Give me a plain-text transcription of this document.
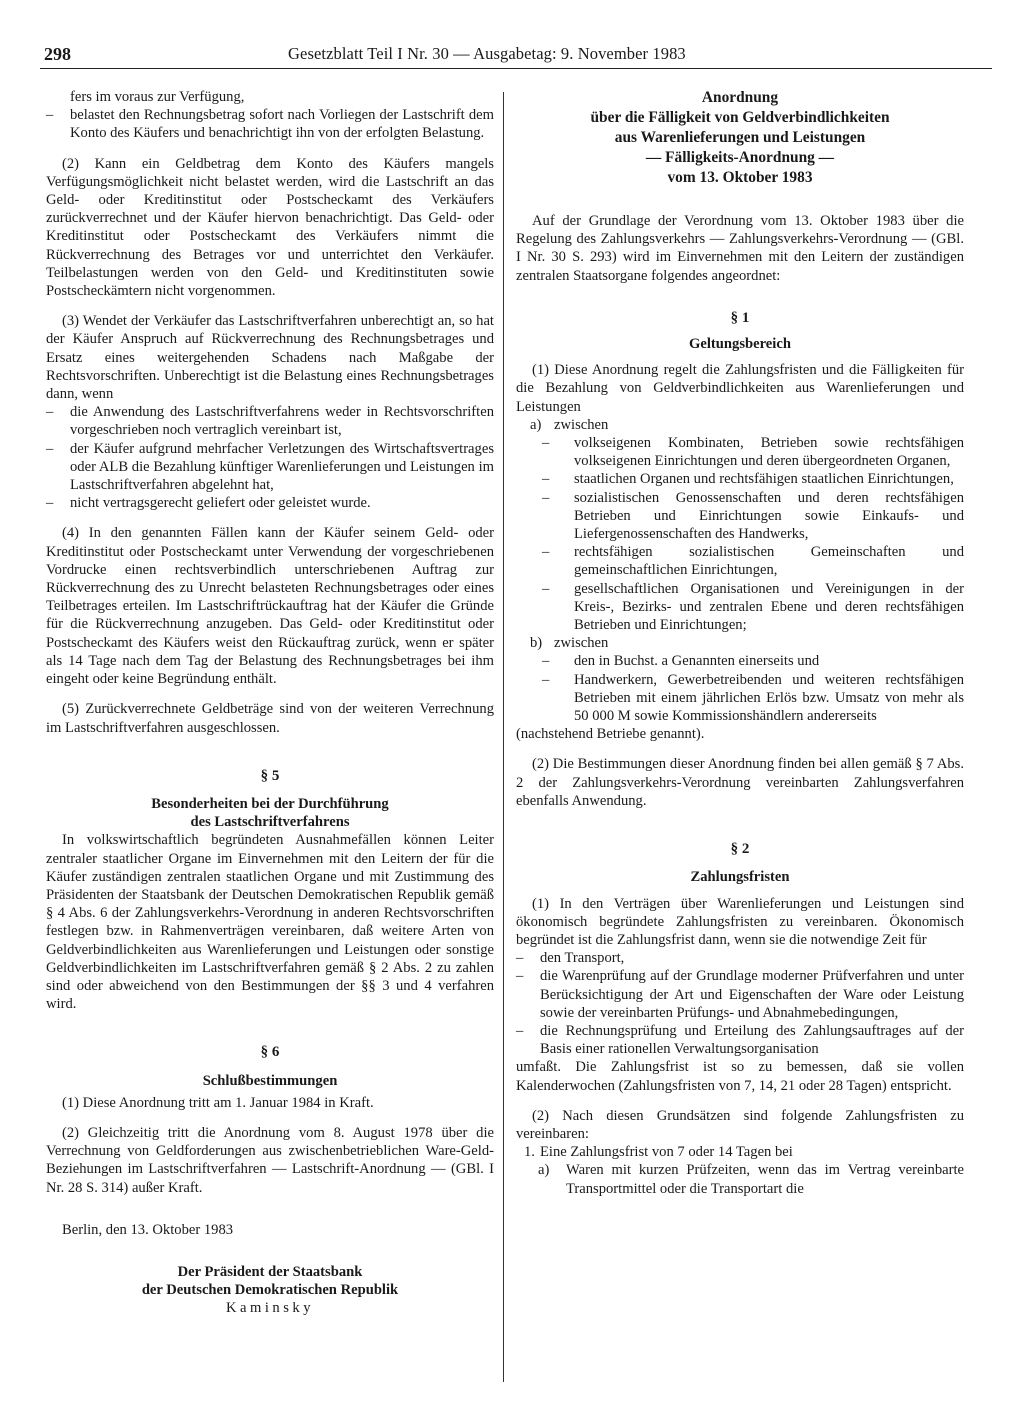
298	Gesetzblatt Teil I Nr. 30 — Ausgabetag: 9. November 1983

fers im voraus zur Verfügung,

– belastet den Rechnungsbetrag sofort nach Vorliegen der Lastschrift dem Konto des Käufers und benachrichtigt ihn von der erfolgten Belastung.

(2) Kann ein Geldbetrag dem Konto des Käufers mangels Verfügungsmöglichkeit nicht belastet werden, wird die Lastschrift an das Geld- oder Kreditinstitut oder Postscheckamt des Verkäufers zurückverrechnet und der Käufer hiervon benachrichtigt. Das Geld- oder Kreditinstitut oder Postscheckamt des Verkäufers nimmt die Rückverrechnung des Betrages vor und unterrichtet den Verkäufer. Teilbelastungen werden von den Geld- und Kreditinstituten sowie Postscheckämtern nicht vorgenommen.

(3) Wendet der Verkäufer das Lastschriftverfahren unberechtigt an, so hat der Käufer Anspruch auf Rückverrechnung des Rechnungsbetrages und Ersatz eines weitergehenden Schadens nach Maßgabe der Rechtsvorschriften. Unberechtigt ist die Belastung eines Rechnungsbetrages dann, wenn

– die Anwendung des Lastschriftverfahrens weder in Rechtsvorschriften vorgeschrieben noch vertraglich vereinbart ist,

– der Käufer aufgrund mehrfacher Verletzungen des Wirtschaftsvertrages oder ALB die Bezahlung künftiger Warenlieferungen und Leistungen im Lastschriftverfahren abgelehnt hat,

– nicht vertragsgerecht geliefert oder geleistet wurde.

(4) In den genannten Fällen kann der Käufer seinem Geld- oder Kreditinstitut oder Postscheckamt unter Verwendung der vorgeschriebenen Vordrucke einen rechtsverbindlich unterschriebenen Auftrag zur Rückverrechnung des zu Unrecht belasteten Rechnungsbetrages oder eines Teilbetrages erteilen. Im Lastschriftrückauftrag hat der Käufer die Gründe für die Rückverrechnung anzugeben. Das Geld- oder Kreditinstitut oder Postscheckamt des Käufers weist den Rückauftrag zurück, wenn er später als 14 Tage nach dem Tag der Belastung des Rechnungsbetrages bei ihm eingeht oder keine Begründung enthält.

(5) Zurückverrechnete Geldbeträge sind von der weiteren Verrechnung im Lastschriftverfahren ausgeschlossen.

§ 5

Besonderheiten bei der Durchführung

des Lastschriftverfahrens

In volkswirtschaftlich begründeten Ausnahmefällen können Leiter zentraler staatlicher Organe im Einvernehmen mit den Leitern der für die Käufer zuständigen zentralen staatlichen Organe und mit Zustimmung des Präsidenten der Staatsbank der Deutschen Demokratischen Republik gemäß § 4 Abs. 6 der Zahlungsverkehrs-Verordnung in anderen Rechtsvorschriften festlegen bzw. in Rahmenverträgen vereinbaren, daß weitere Arten von Geldverbindlichkeiten aus Warenlieferungen und Leistungen oder sonstige Geldverbindlichkeiten im Lastschriftverfahren gemäß § 2 Abs. 2 zu zahlen sind oder abweichend von den Bestimmungen der §§ 3 und 4 verfahren wird.

§ 6

Schlußbestimmungen

(1) Diese Anordnung tritt am 1. Januar 1984 in Kraft.

(2) Gleichzeitig tritt die Anordnung vom 8. August 1978 über die Verrechnung von Geldforderungen aus zwischenbetrieblichen Ware-Geld-Beziehungen im Lastschriftverfahren — Lastschrift-Anordnung — (GBl. I Nr. 28 S. 314) außer Kraft.

Berlin, den 13. Oktober 1983

Der Präsident der Staatsbank

der Deutschen Demokratischen Republik

Kaminsky

Anordnung

über die Fälligkeit von Geldverbindlichkeiten

aus Warenlieferungen und Leistungen

— Fälligkeits-Anordnung —

vom 13. Oktober 1983

Auf der Grundlage der Verordnung vom 13. Oktober 1983 über die Regelung des Zahlungsverkehrs — Zahlungsverkehrs-Verordnung — (GBl. I Nr. 30 S. 293) wird im Einvernehmen mit den Leitern der zuständigen zentralen Staatsorgane folgendes angeordnet:

§ 1

Geltungsbereich

(1) Diese Anordnung regelt die Zahlungsfristen und die Fälligkeiten für die Bezahlung von Geldverbindlichkeiten aus Warenlieferungen und Leistungen

a) zwischen

– volkseigenen Kombinaten, Betrieben sowie rechtsfähigen volkseigenen Einrichtungen und deren übergeordneten Organen,

– staatlichen Organen und rechtsfähigen staatlichen Einrichtungen,

– sozialistischen Genossenschaften und deren rechtsfähigen Betrieben und Einrichtungen sowie Einkaufs- und Liefergenossenschaften des Handwerks,

– rechtsfähigen sozialistischen Gemeinschaften und gemeinschaftlichen Einrichtungen,

– gesellschaftlichen Organisationen und Vereinigungen in der Kreis-, Bezirks- und zentralen Ebene und deren rechtsfähigen Betrieben und Einrichtungen;

b) zwischen

– den in Buchst. a Genannten einerseits und

– Handwerkern, Gewerbetreibenden und weiteren rechtsfähigen Betrieben mit einem jährlichen Erlös bzw. Umsatz von mehr als 50 000 M sowie Kommissionshändlern andererseits

(nachstehend Betriebe genannt).

(2) Die Bestimmungen dieser Anordnung finden bei allen gemäß § 7 Abs. 2 der Zahlungsverkehrs-Verordnung vereinbarten Zahlungsverfahren ebenfalls Anwendung.

§ 2

Zahlungsfristen

(1) In den Verträgen über Warenlieferungen und Leistungen sind ökonomisch begründete Zahlungsfristen zu vereinbaren. Ökonomisch begründet ist die Zahlungsfrist dann, wenn sie die notwendige Zeit für

– den Transport,

– die Warenprüfung auf der Grundlage moderner Prüfverfahren und unter Berücksichtigung der Art und Eigenschaften der Ware oder Leistung sowie der vereinbarten Prüfungs- und Abnahmebedingungen,

– die Rechnungsprüfung und Erteilung des Zahlungsauftrages auf der Basis einer rationellen Verwaltungsorganisation

umfaßt. Die Zahlungsfrist ist so zu bemessen, daß sie vollen Kalenderwochen (Zahlungsfristen von 7, 14, 21 oder 28 Tagen) entspricht.

(2) Nach diesen Grundsätzen sind folgende Zahlungsfristen zu vereinbaren:

1. Eine Zahlungsfrist von 7 oder 14 Tagen bei

a) Waren mit kurzen Prüfzeiten, wenn das im Vertrag vereinbarte Transportmittel oder die Transportart die
